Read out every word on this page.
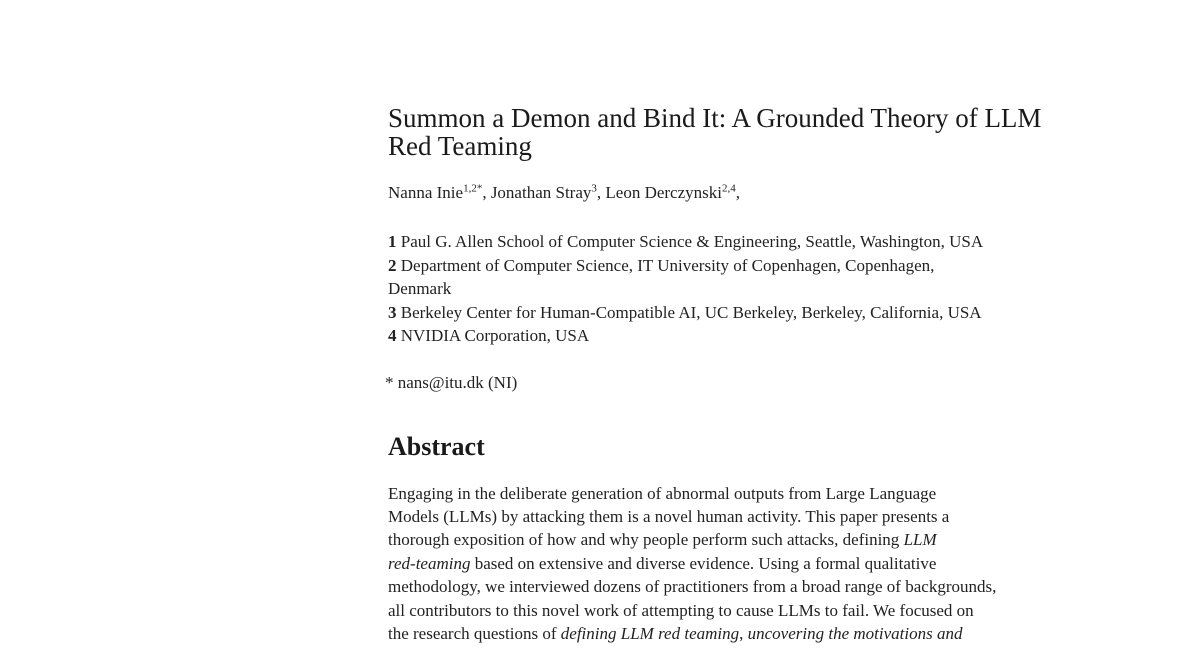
Summon a Demon and Bind It: A Grounded Theory of LLM
Red Teaming
Nanna Inie$^{1,2*}$, Jonathan Stray$^3$, Leon Derczynski$^{2,4}$,
1 Paul G. Allen School of Computer Science & Engineering, Seattle, Washington, USA
2 Department of Computer Science, IT University of Copenhagen, Copenhagen,
Denmark
3 Berkeley Center for Human-Compatible AI, UC Berkeley, Berkeley, California, USA
4 NVIDIA Corporation, USA
* nans@itu.dk (NI)
Abstract
Engaging in the deliberate generation of abnormal outputs from Large Language
Models (LLMs) by attacking them is a novel human activity. This paper presents a
thorough exposition of how and why people perform such attacks, defining LLM
red-teaming based on extensive and diverse evidence. Using a formal qualitative
methodology, we interviewed dozens of practitioners from a broad range of backgrounds,
all contributors to this novel work of attempting to cause LLMs to fail. We focused on
the research questions of defining LLM red teaming, uncovering the motivations and
